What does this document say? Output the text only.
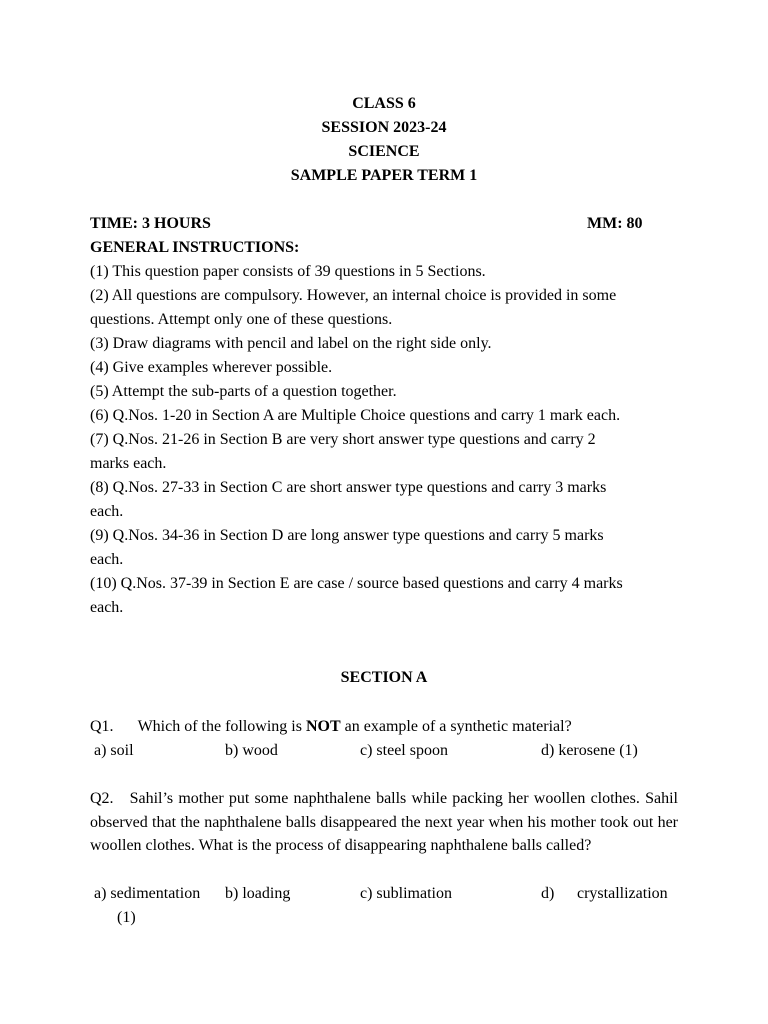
CLASS 6
SESSION 2023-24
SCIENCE
SAMPLE PAPER TERM 1
TIME: 3 HOURS	MM: 80
GENERAL INSTRUCTIONS:
(1) This question paper consists of 39 questions in 5 Sections.
(2) All questions are compulsory. However, an internal choice is provided in some
questions. Attempt only one of these questions.
(3) Draw diagrams with pencil and label on the right side only.
(4) Give examples wherever possible.
(5) Attempt the sub-parts of a question together.
(6) Q.Nos. 1-20 in Section A are Multiple Choice questions and carry 1 mark each.
(7) Q.Nos. 21-26 in Section B are very short answer type questions and carry 2
marks each.
(8) Q.Nos. 27-33 in Section C are short answer type questions and carry 3 marks
each.
(9) Q.Nos. 34-36 in Section D are long answer type questions and carry 5 marks
each.
(10) Q.Nos. 37-39 in Section E are case / source based questions and carry 4 marks
each.
SECTION A
Q1. Which of the following is NOT an example of a synthetic material?
a) soil	b) wood	c) steel spoon	d) kerosene (1)
Q2. Sahil’s mother put some naphthalene balls while packing her woollen clothes. Sahil observed that the naphthalene balls disappeared the next year when his mother took out her woollen clothes. What is the process of disappearing naphthalene balls called?
a) sedimentation b) loading	c) sublimation	d) crystallization
(1)
